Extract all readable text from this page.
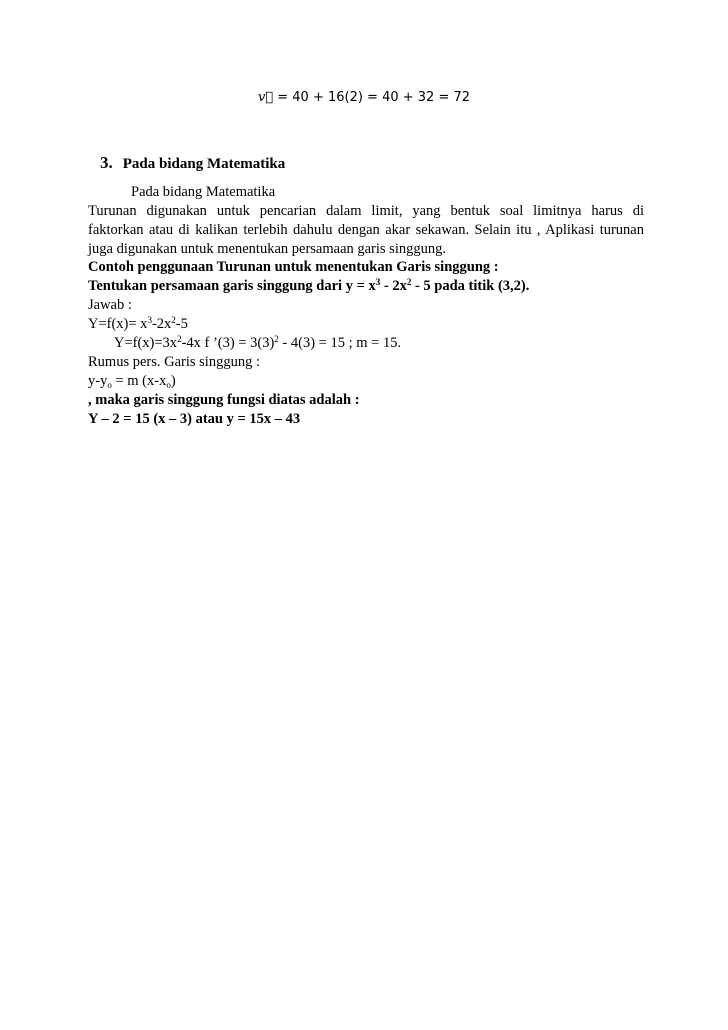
v⃗ = 40 + 16(2) = 40 + 32 = 72
3. Pada bidang Matematika
Pada bidang Matematika
Turunan digunakan untuk pencarian dalam limit, yang bentuk soal limitnya harus di
faktorkan atau di kalikan terlebih dahulu dengan akar sekawan. Selain itu , Aplikasi turunan
juga digunakan untuk menentukan persamaan garis singgung.
Contoh penggunaan Turunan untuk menentukan Garis singgung :
Tentukan persamaan garis singgung dari $y = x^3 - 2x^2 - 5$ pada titik (3,2).
Jawab :
$Y=f(x)= x^3-2x^2-5$
$Y=f(x)=3x^2-4x$ f ’(3) = $3(3)^2 - 4(3) = 15$ ; m = 15.
Rumus pers. Garis singgung :
$y-y_o = m$ $(x-x_o)$
, maka garis singgung fungsi diatas adalah :
Y – 2 = 15 (x – 3) atau y = 15x – 43
